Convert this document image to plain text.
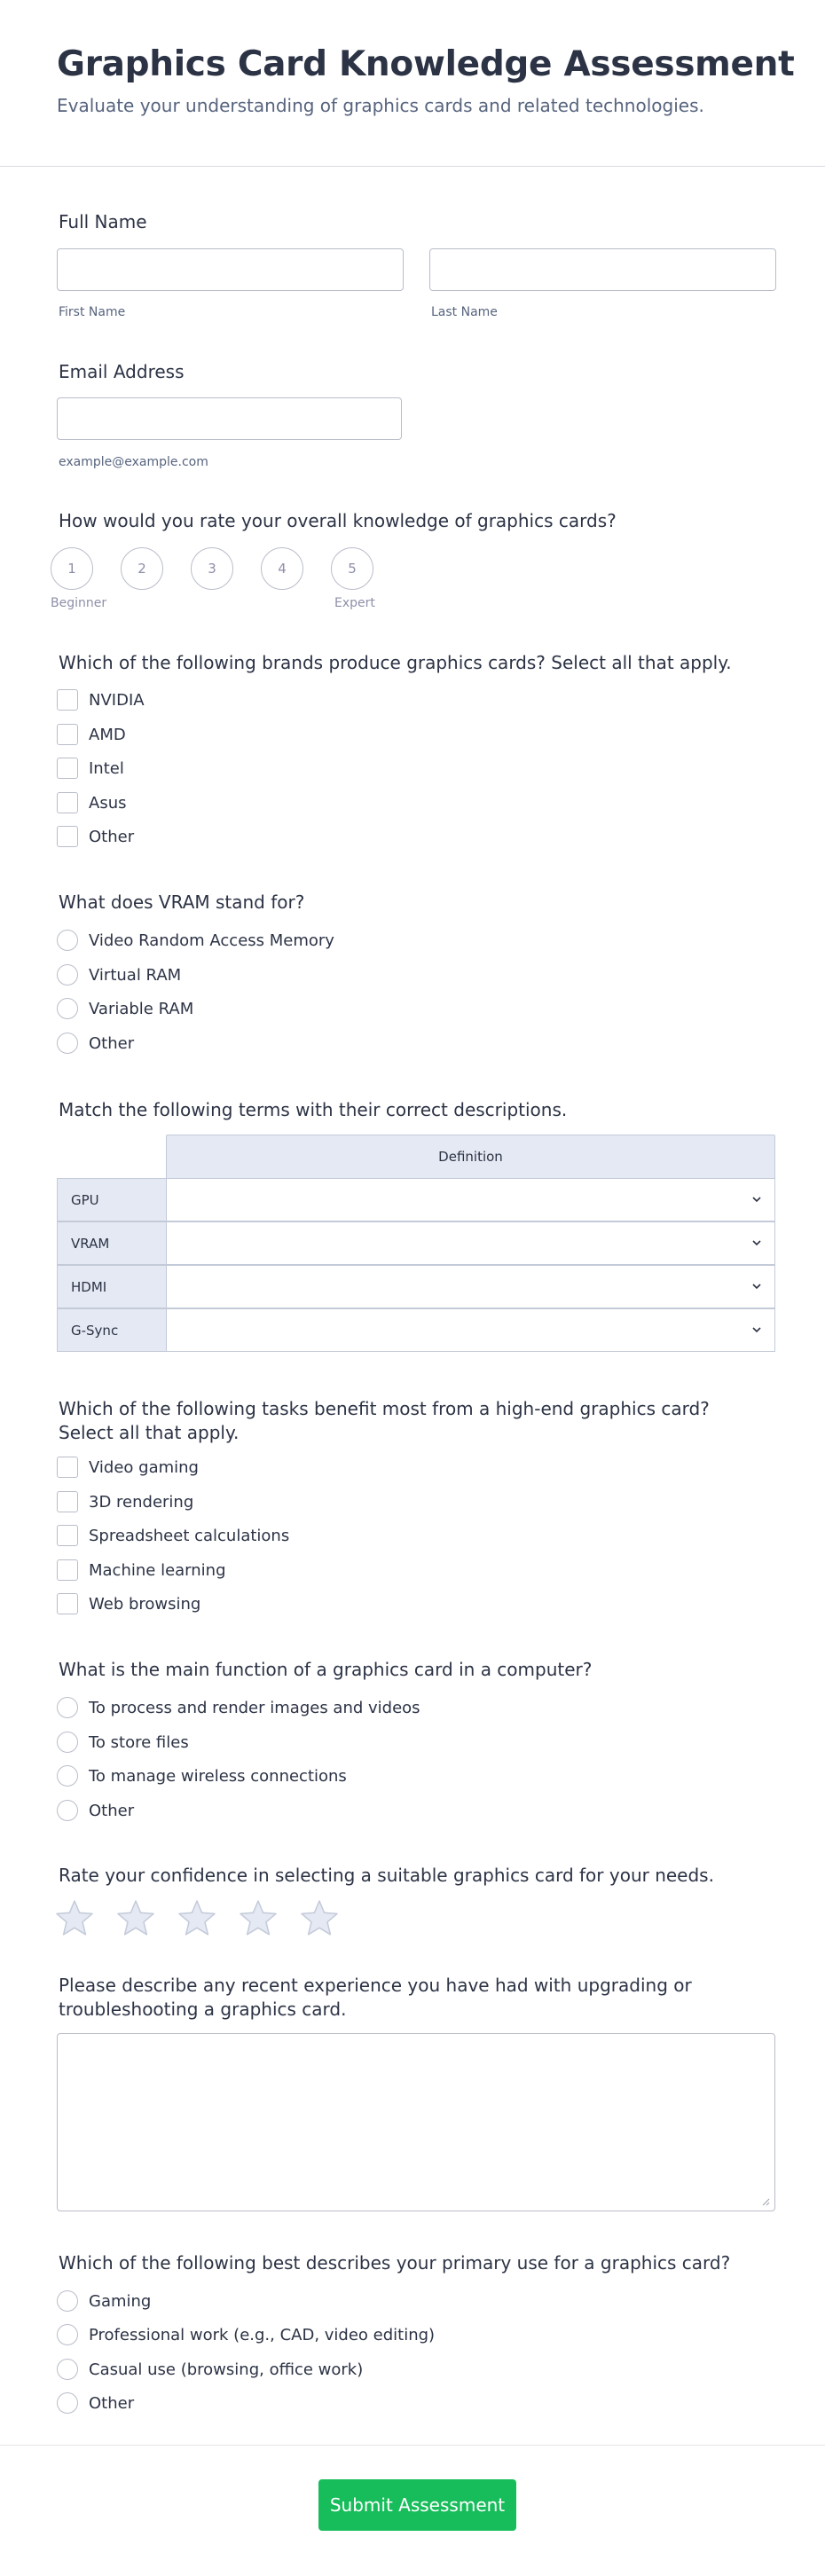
Graphics Card Knowledge Assessment
Evaluate your understanding of graphics cards and related technologies.
Full Name
First Name	Last Name
Email Address
example@example.com
How would you rate your overall knowledge of graphics cards?
1	2	3	4	5
Beginner	Expert
Which of the following brands produce graphics cards? Select all that apply.
NVIDIA
AMD
Intel
Asus
Other
What does VRAM stand for?
Video Random Access Memory
Virtual RAM
Variable RAM
Other
Match the following terms with their correct descriptions.
Definition
GPU
VRAM
HDMI
G-Sync
Which of the following tasks benefit most from a high-end graphics card? Select all that apply.
Video gaming
3D rendering
Spreadsheet calculations
Machine learning
Web browsing
What is the main function of a graphics card in a computer?
To process and render images and videos
To store files
To manage wireless connections
Other
Rate your confidence in selecting a suitable graphics card for your needs.
Please describe any recent experience you have had with upgrading or troubleshooting a graphics card.
Which of the following best describes your primary use for a graphics card?
Gaming
Professional work (e.g., CAD, video editing)
Casual use (browsing, office work)
Other
Submit Assessment
